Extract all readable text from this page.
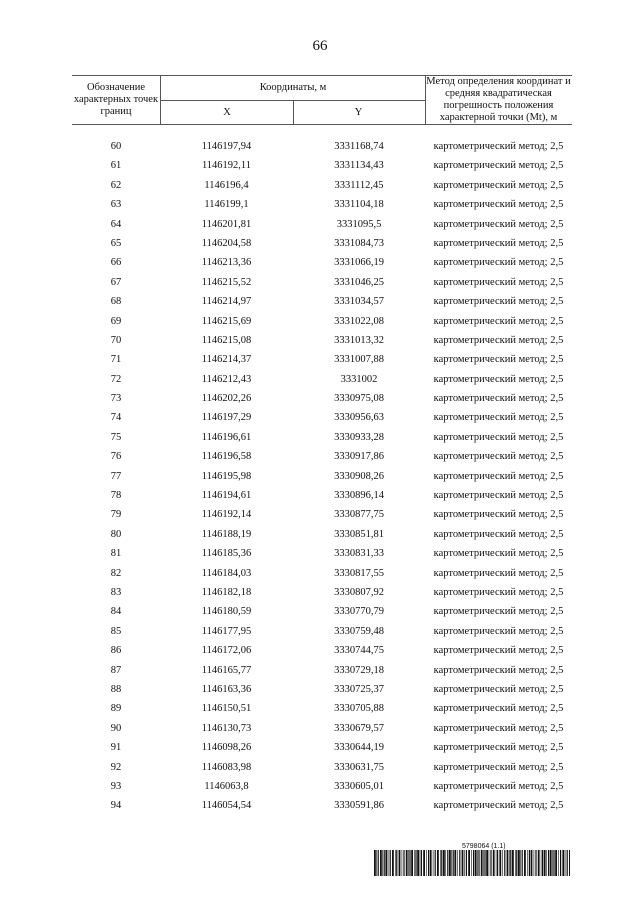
66
Обозначение характерных точек границ
Координаты, м
X	Y
Метод определения координат и средняя квадратическая погрешность положения характерной точки (Mt), м
60	1146197,94	3331168,74	картометрический метод; 2,5
61	1146192,11	3331134,43	картометрический метод; 2,5
62	1146196,4	3331112,45	картометрический метод; 2,5
63	1146199,1	3331104,18	картометрический метод; 2,5
64	1146201,81	3331095,5	картометрический метод; 2,5
65	1146204,58	3331084,73	картометрический метод; 2,5
66	1146213,36	3331066,19	картометрический метод; 2,5
67	1146215,52	3331046,25	картометрический метод; 2,5
68	1146214,97	3331034,57	картометрический метод; 2,5
69	1146215,69	3331022,08	картометрический метод; 2,5
70	1146215,08	3331013,32	картометрический метод; 2,5
71	1146214,37	3331007,88	картометрический метод; 2,5
72	1146212,43	3331002	картометрический метод; 2,5
73	1146202,26	3330975,08	картометрический метод; 2,5
74	1146197,29	3330956,63	картометрический метод; 2,5
75	1146196,61	3330933,28	картометрический метод; 2,5
76	1146196,58	3330917,86	картометрический метод; 2,5
77	1146195,98	3330908,26	картометрический метод; 2,5
78	1146194,61	3330896,14	картометрический метод; 2,5
79	1146192,14	3330877,75	картометрический метод; 2,5
80	1146188,19	3330851,81	картометрический метод; 2,5
81	1146185,36	3330831,33	картометрический метод; 2,5
82	1146184,03	3330817,55	картометрический метод; 2,5
83	1146182,18	3330807,92	картометрический метод; 2,5
84	1146180,59	3330770,79	картометрический метод; 2,5
85	1146177,95	3330759,48	картометрический метод; 2,5
86	1146172,06	3330744,75	картометрический метод; 2,5
87	1146165,77	3330729,18	картометрический метод; 2,5
88	1146163,36	3330725,37	картометрический метод; 2,5
89	1146150,51	3330705,88	картометрический метод; 2,5
90	1146130,73	3330679,57	картометрический метод; 2,5
91	1146098,26	3330644,19	картометрический метод; 2,5
92	1146083,98	3330631,75	картометрический метод; 2,5
93	1146063,8	3330605,01	картометрический метод; 2,5
94	1146054,54	3330591,86	картометрический метод; 2,5
5798064 (1.1)
